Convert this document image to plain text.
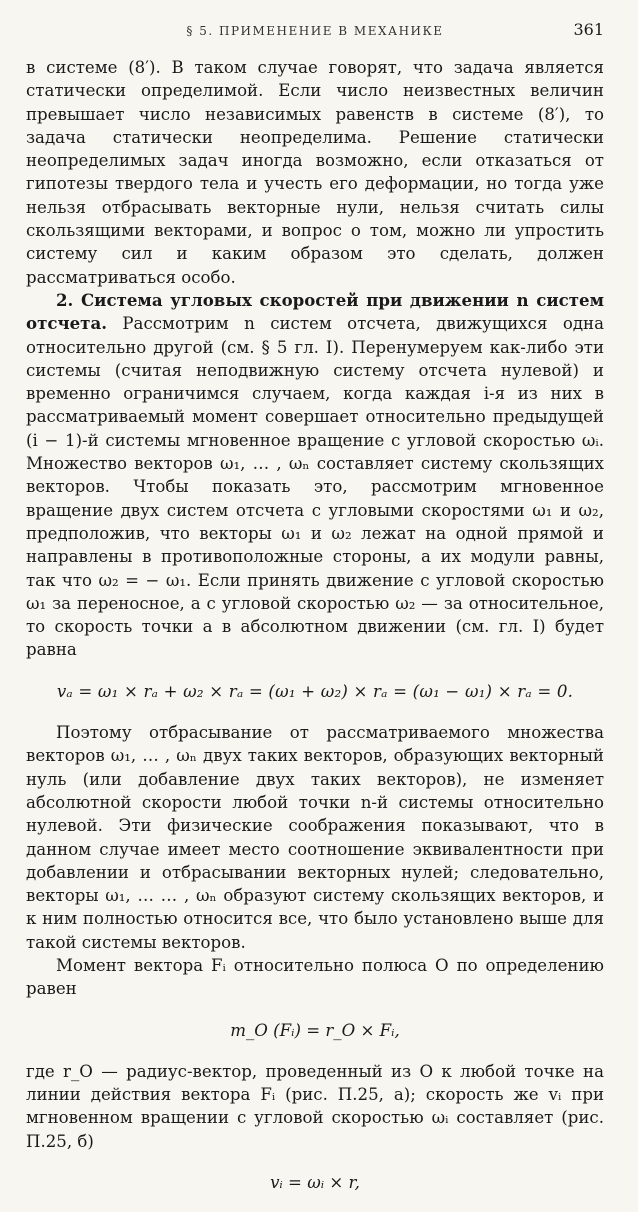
§ 5. ПРИМЕНЕНИЕ В МЕХАНИКЕ	361

в системе (8′). В таком случае говорят, что задача является статически определимой. Если число неизвестных величин превышает число независимых равенств в системе (8′), то задача статически неопределима. Решение статически неопределимых задач иногда возможно, если отказаться от гипотезы твердого тела и учесть его деформации, но тогда уже нельзя отбрасывать векторные нули, нельзя считать силы скользящими векторами, и вопрос о том, можно ли упростить систему сил и каким образом это сделать, должен рассматриваться особо.

2. Система угловых скоростей при движении n систем отсчета. Рассмотрим n систем отсчета, движущихся одна относительно другой (см. § 5 гл. I). Перенумеруем как-либо эти системы (считая неподвижную систему отсчета нулевой) и временно ограничимся случаем, когда каждая i-я из них в рассматриваемый момент совершает относительно предыдущей (i − 1)-й системы мгновенное вращение с угловой скоростью ωᵢ. Множество векторов ω₁, … , ωₙ составляет систему скользящих векторов. Чтобы показать это, рассмотрим мгновенное вращение двух систем отсчета с угловыми скоростями ω₁ и ω₂, предположив, что векторы ω₁ и ω₂ лежат на одной прямой и направлены в противоположные стороны, а их модули равны, так что ω₂ = − ω₁. Если принять движение с угловой скоростью ω₁ за переносное, а с угловой скоростью ω₂ — за относительное, то скорость точки a в абсолютном движении (см. гл. I) будет равна

vₐ = ω₁ × rₐ + ω₂ × rₐ = (ω₁ + ω₂) × rₐ = (ω₁ − ω₁) × rₐ = 0.

Поэтому отбрасывание от рассматриваемого множества векторов ω₁, … , ωₙ двух таких векторов, образующих векторный нуль (или добавление двух таких векторов), не изменяет абсолютной скорости любой точки n-й системы относительно нулевой. Эти физические соображения показывают, что в данном случае имеет место соотношение эквивалентности при добавлении и отбрасывании векторных нулей; следовательно, векторы ω₁, … … , ωₙ образуют систему скользящих векторов, и к ним полностью относится все, что было установлено выше для такой системы векторов.

Момент вектора Fᵢ относительно полюса O по определению равен

m_O (Fᵢ) = r_O × Fᵢ,

где r_O — радиус-вектор, проведенный из O к любой точке на линии действия вектора Fᵢ (рис. П.25, а); скорость же vᵢ при мгновенном вращении с угловой скоростью ωᵢ составляет (рис. П.25, б)

vᵢ = ωᵢ × r,
